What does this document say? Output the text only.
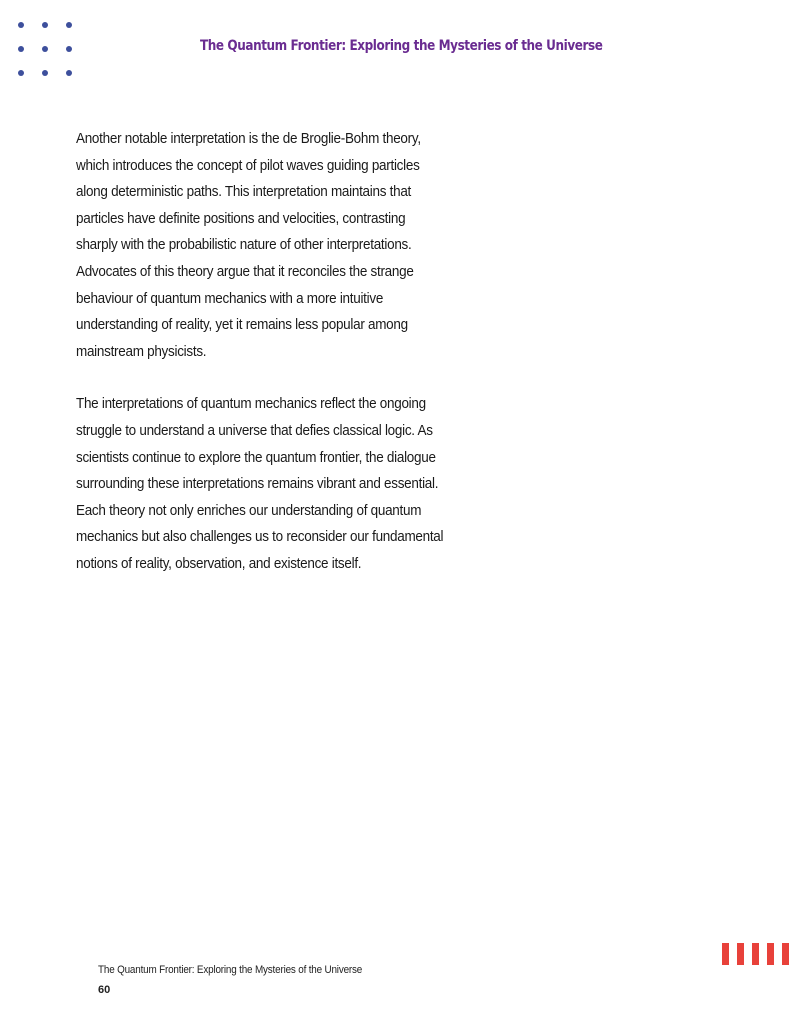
The Quantum Frontier: Exploring the Mysteries of the Universe

Another notable interpretation is the de Broglie-Bohm theory,
which introduces the concept of pilot waves guiding particles
along deterministic paths. This interpretation maintains that
particles have definite positions and velocities, contrasting
sharply with the probabilistic nature of other interpretations.
Advocates of this theory argue that it reconciles the strange
behaviour of quantum mechanics with a more intuitive
understanding of reality, yet it remains less popular among
mainstream physicists.

The interpretations of quantum mechanics reflect the ongoing
struggle to understand a universe that defies classical logic. As
scientists continue to explore the quantum frontier, the dialogue
surrounding these interpretations remains vibrant and essential.
Each theory not only enriches our understanding of quantum
mechanics but also challenges us to reconsider our fundamental
notions of reality, observation, and existence itself.

The Quantum Frontier: Exploring the Mysteries of the Universe
60
